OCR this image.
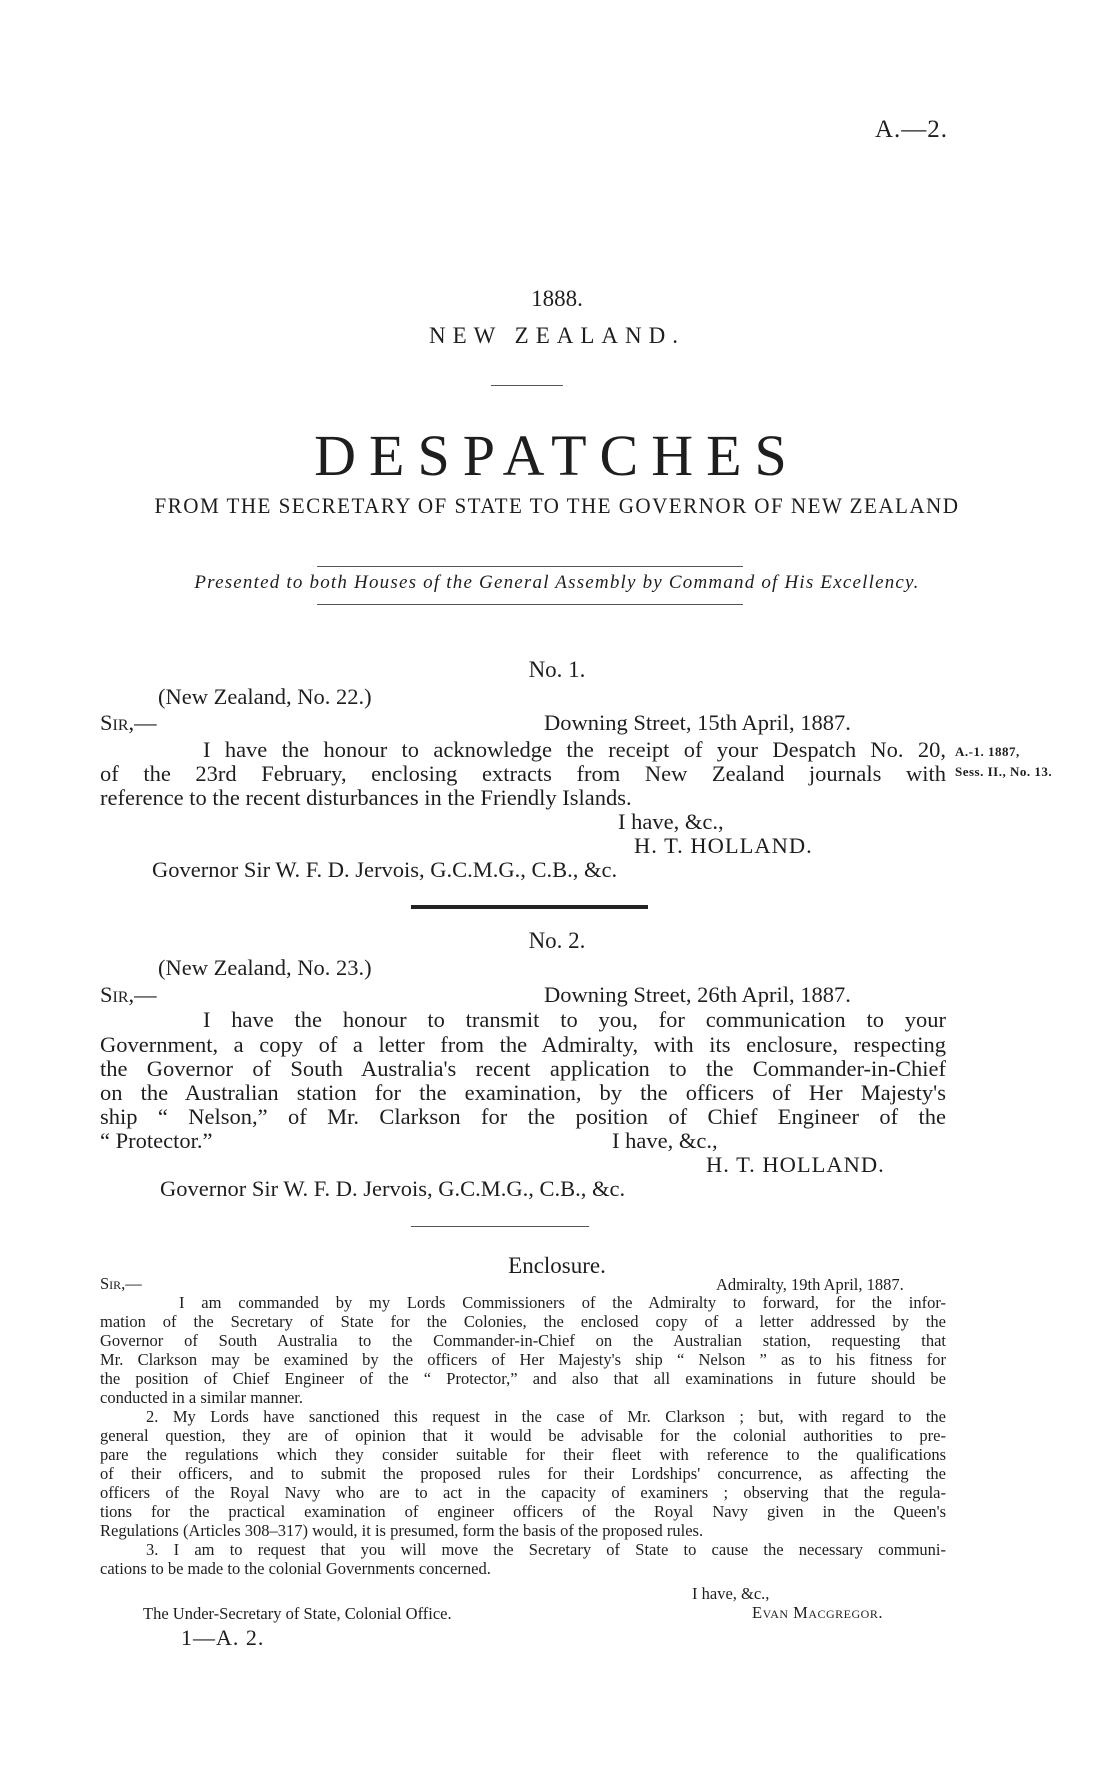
A.—2.
1888.
NEW ZEALAND.
DESPATCHES
FROM THE SECRETARY OF STATE TO THE GOVERNOR OF NEW ZEALAND
Presented to both Houses of the General Assembly by Command of His Excellency.
No. 1.
(New Zealand, No. 22.)
Sir,—	Downing Street, 15th April, 1887.
I have the honour to acknowledge the receipt of your Despatch No. 20, A.-1. 1887,
of the 23rd February, enclosing extracts from New Zealand journals with Sess. II., No. 13.
reference to the recent disturbances in the Friendly Islands.
I have, &c.,
H. T. HOLLAND.
Governor Sir W. F. D. Jervois, G.C.M.G., C.B., &c.
No. 2.
(New Zealand, No. 23.)
Sir,—	Downing Street, 26th April, 1887.
I have the honour to transmit to you, for communication to your
Government, a copy of a letter from the Admiralty, with its enclosure, respecting
the Governor of South Australia's recent application to the Commander-in-Chief
on the Australian station for the examination, by the officers of Her Majesty's
ship “ Nelson,” of Mr. Clarkson for the position of Chief Engineer of the
“ Protector.”	I have, &c.,
H. T. HOLLAND.
Governor Sir W. F. D. Jervois, G.C.M.G., C.B., &c.
Enclosure.
Sir,—	Admiralty, 19th April, 1887.
I am commanded by my Lords Commissioners of the Admiralty to forward, for the infor-
mation of the Secretary of State for the Colonies, the enclosed copy of a letter addressed by the
Governor of South Australia to the Commander-in-Chief on the Australian station, requesting that
Mr. Clarkson may be examined by the officers of Her Majesty's ship “ Nelson ” as to his fitness for
the position of Chief Engineer of the “ Protector,” and also that all examinations in future should be
conducted in a similar manner.
2. My Lords have sanctioned this request in the case of Mr. Clarkson ; but, with regard to the
general question, they are of opinion that it would be advisable for the colonial authorities to pre-
pare the regulations which they consider suitable for their fleet with reference to the qualifications
of their officers, and to submit the proposed rules for their Lordships' concurrence, as affecting the
officers of the Royal Navy who are to act in the capacity of examiners ; observing that the regula-
tions for the practical examination of engineer officers of the Royal Navy given in the Queen's
Regulations (Articles 308–317) would, it is presumed, form the basis of the proposed rules.
3. I am to request that you will move the Secretary of State to cause the necessary communi-
cations to be made to the colonial Governments concerned.
I have, &c.,
Evan Macgregor.
The Under-Secretary of State, Colonial Office.
1—A. 2.
